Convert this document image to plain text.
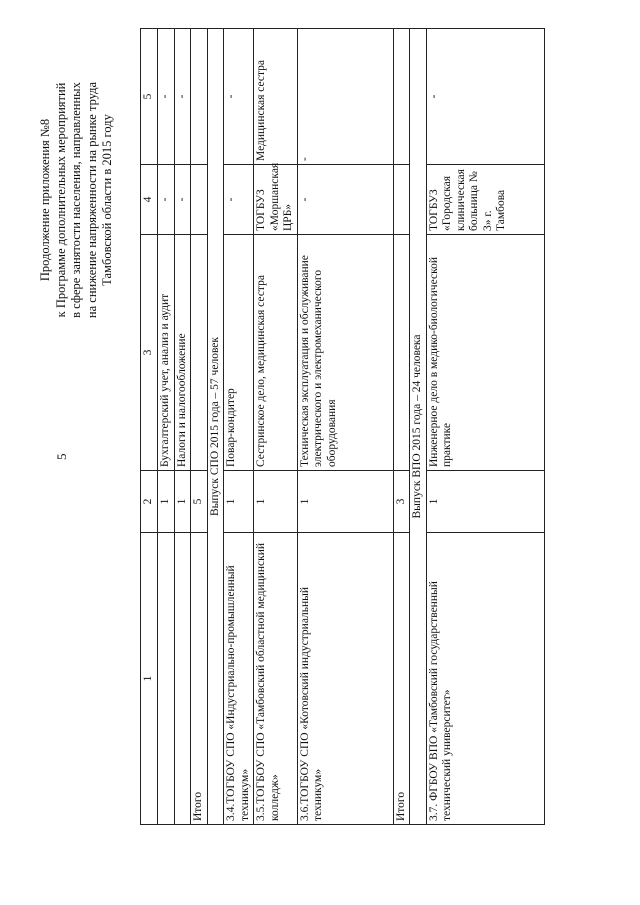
5
Продолжение приложения №8 к Программе дополнительных мероприятий в сфере занятости населения, направленных на снижение напряженности на рынке труда Тамбовской области в 2015 году
1	2	3	4	5
	1	Бухгалтерский учет, анализ и аудит	-	-
	1	Налоги и налогообложение	-	-
Итого	5			
Выпуск СПО 2015 года – 57 человек				
3.4.ТОГБОУ СПО «Индустриально-промышленный техникум»	1	Повар-кондитер	-	-
3.5.ТОГБОУ СПО «Тамбовский областной медицинский колледж»	1	Сестринское дело, медицинская сестра	ТОГБУЗ «Моршанская ЦРБ»	Медицинская сестра
3.6.ТОГБОУ СПО «Котовский индустриальный техникум»	1	Техническая эксплуатация и обслуживание электрического и электромеханического оборудования	-	-
Итого	3			
Выпуск ВПО 2015 года – 24 человека				
3.7. ФГБОУ ВПО «Тамбовский государственный технический университет»	1	Инженерное дело в медико-биологической практике	ТОГБУЗ «Городская клиническая больница № 3» г. Тамбова	-
